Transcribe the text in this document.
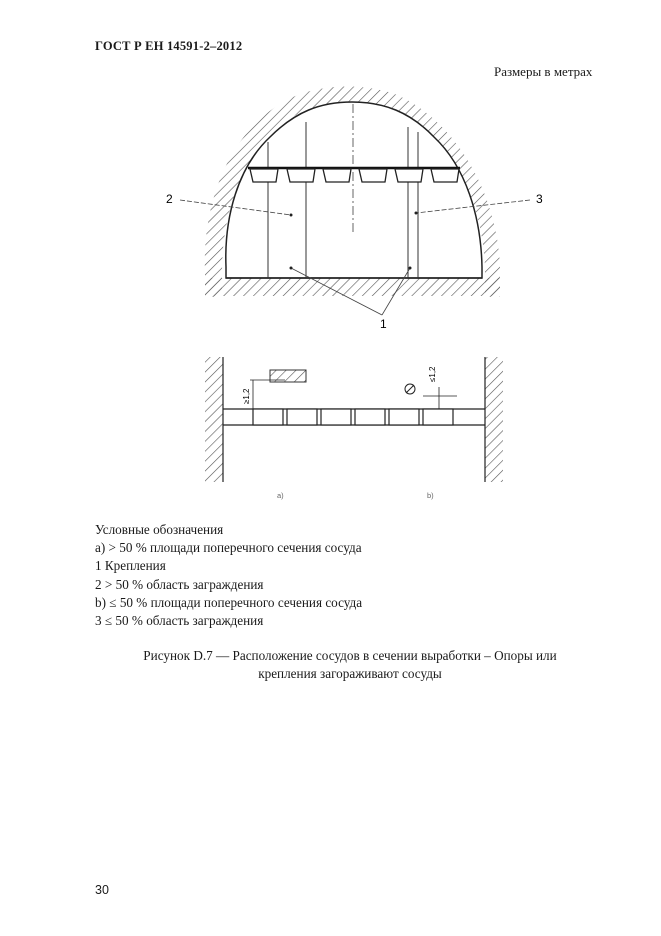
ГОСТ Р ЕН 14591-2–2012
Размеры в метрах
2	3
1
≥1,2
≤1,2
a)	b)
Условные обозначения
a) > 50 % площади поперечного сечения сосуда
1 Крепления
2 > 50 % область заграждения
b) ≤ 50 % площади поперечного сечения сосуда
3 ≤ 50 % область заграждения
Рисунок D.7 — Расположение сосудов в сечении выработки – Опоры или
крепления загораживают сосуды
30
